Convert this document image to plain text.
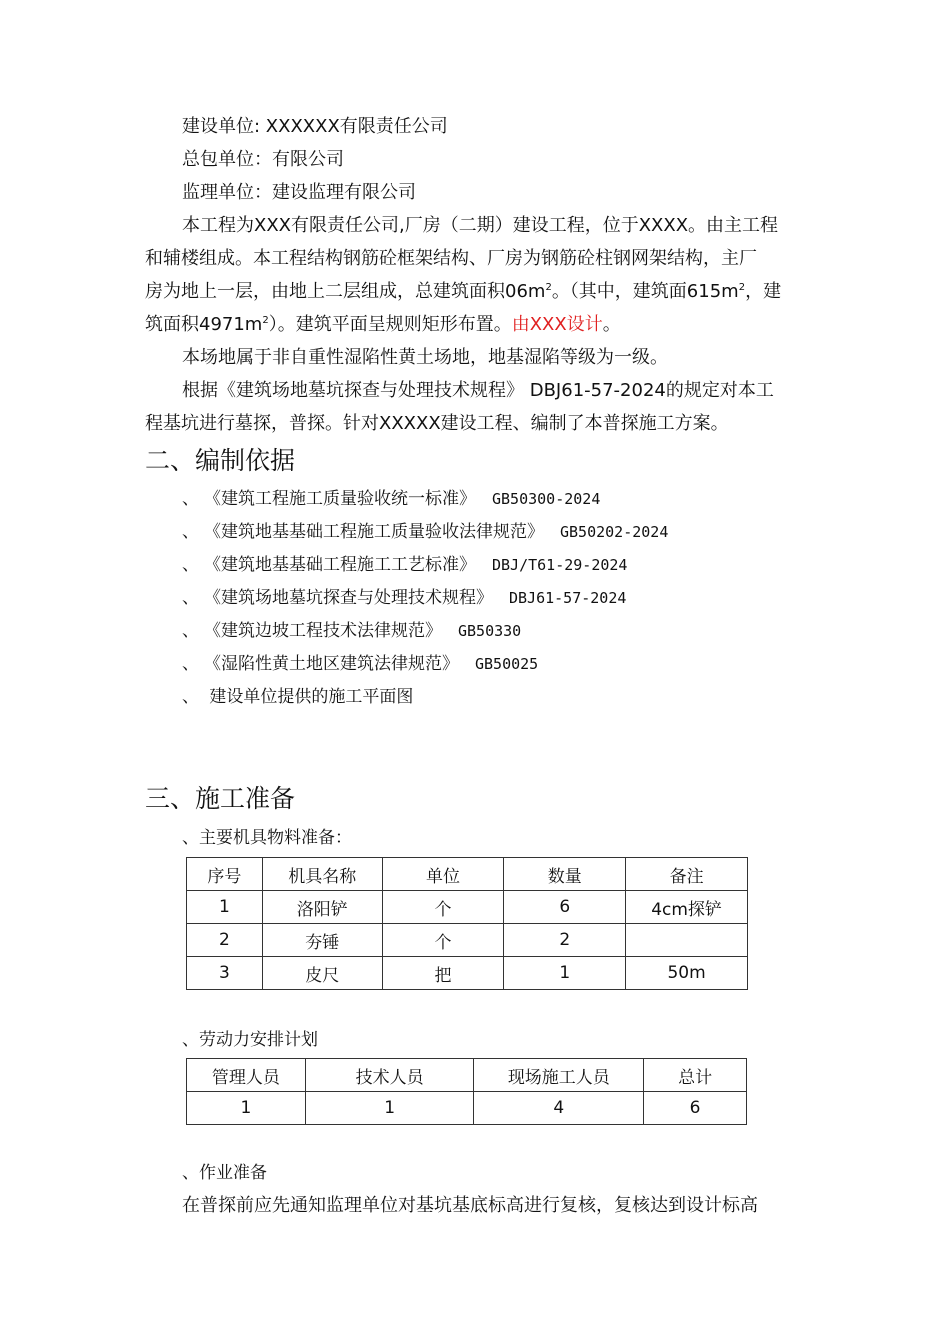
建设单位: XXXXXX有限责任公司
总包单位：有限公司
监理单位：建设监理有限公司
本工程为XXX有限责任公司,厂房（二期）建设工程，位于XXXX。由主工程
和辅楼组成。本工程结构钢筋砼框架结构、厂房为钢筋砼柱钢网架结构，主厂
房为地上一层，由地上二层组成，总建筑面积$06m^2$。（其中，建筑面$615m^2$，建
筑面积$4971m^2$）。建筑平面呈规则矩形布置。由XXX设计。
本场地属于非自重性湿陷性黄土场地，地基湿陷等级为一级。
根据《建筑场地墓坑探查与处理技术规程》 DBJ61-57-2024的规定对本工
程基坑进行墓探，普探。针对XXXXX建设工程、编制了本普探施工方案。
二、编制依据
、 《建筑工程施工质量验收统一标准》 GB50300-2024
、 《建筑地基基础工程施工质量验收法律规范》 GB50202-2024
、 《建筑地基基础工程施工工艺标准》 DBJ/T61-29-2024
、 《建筑场地墓坑探查与处理技术规程》 DBJ61-57-2024
、 《建筑边坡工程技术法律规范》 GB50330
、 《湿陷性黄土地区建筑法律规范》 GB50025
、 建设单位提供的施工平面图
三、施工准备
、主要机具物料准备：
序号	机具名称	单位	数量	备注
1	洛阳铲	个	6	4cm探铲
2	夯锤	个	2	
3	皮尺	把	1	50m
、劳动力安排计划
管理人员	技术人员	现场施工人员	总计
1	1	4	6
、作业准备
在普探前应先通知监理单位对基坑基底标高进行复核，复核达到设计标高
